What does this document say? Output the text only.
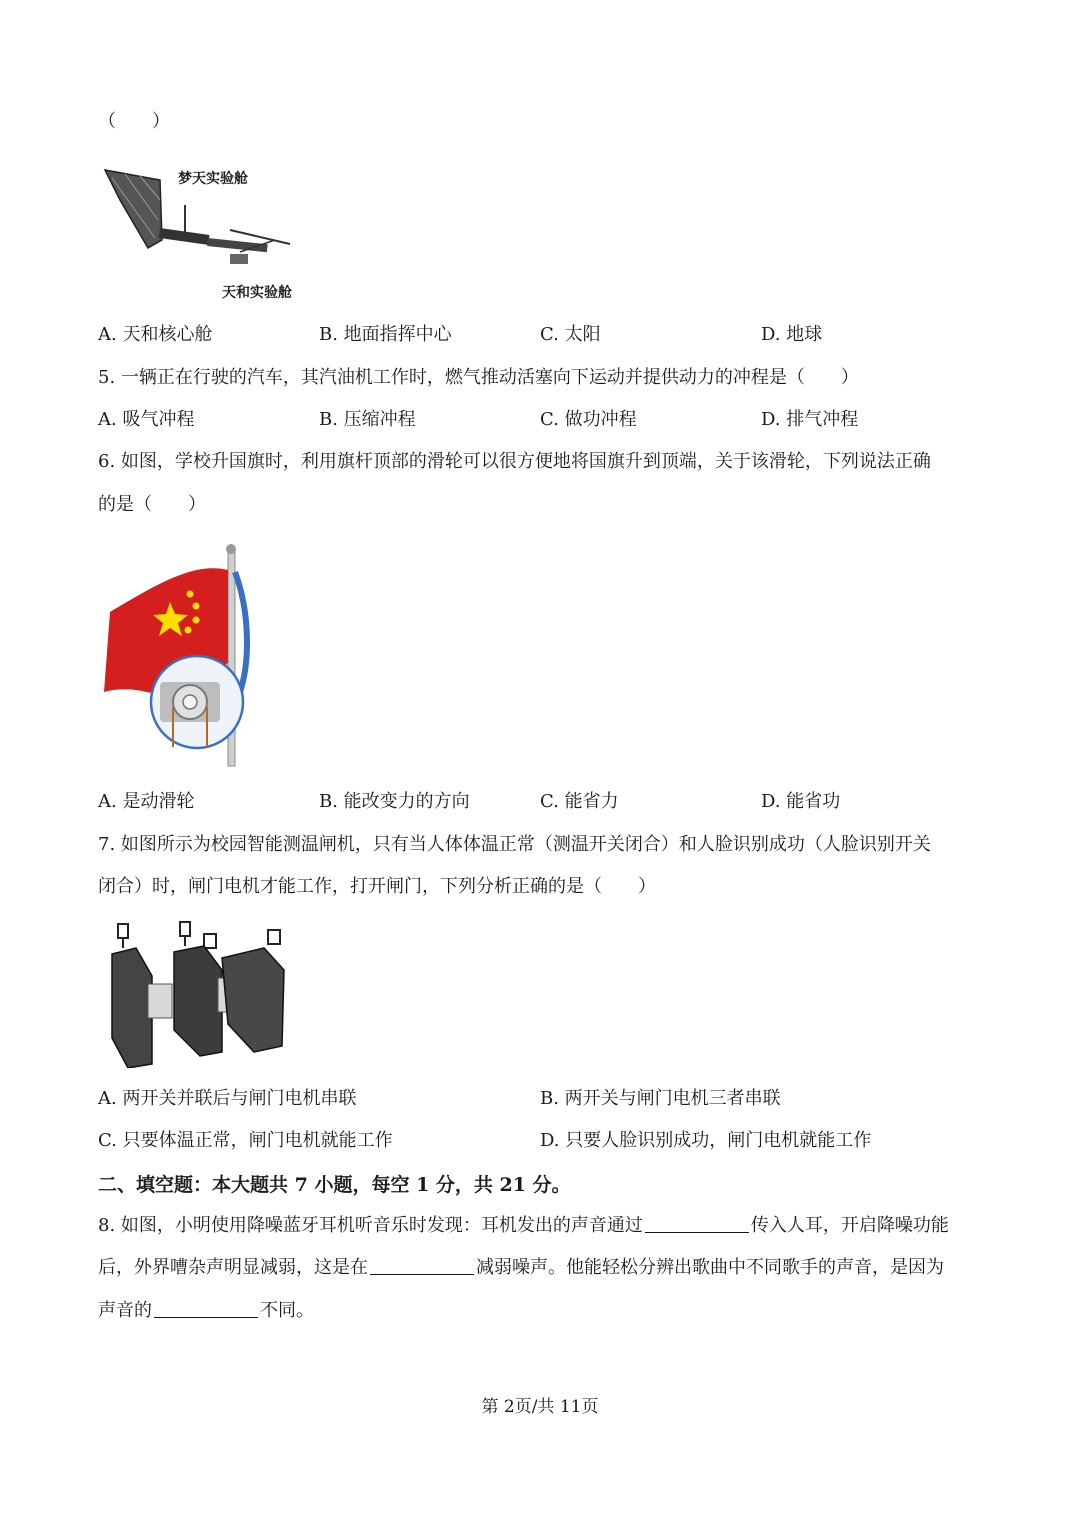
（　　）
梦天实验舱
天和实验舱
A. 天和核心舱	B. 地面指挥中心	C. 太阳	D. 地球
5. 一辆正在行驶的汽车，其汽油机工作时，燃气推动活塞向下运动并提供动力的冲程是（　　）
A. 吸气冲程	B. 压缩冲程	C. 做功冲程	D. 排气冲程
6. 如图，学校升国旗时，利用旗杆顶部的滑轮可以很方便地将国旗升到顶端，关于该滑轮，下列说法正确
的是（　　）
A. 是动滑轮	B. 能改变力的方向	C. 能省力	D. 能省功
7. 如图所示为校园智能测温闸机，只有当人体体温正常（测温开关闭合）和人脸识别成功（人脸识别开关
闭合）时，闸门电机才能工作，打开闸门，下列分析正确的是（　　）
A. 两开关并联后与闸门电机串联	B. 两开关与闸门电机三者串联
C. 只要体温正常，闸门电机就能工作	D. 只要人脸识别成功，闸门电机就能工作
二、填空题：本大题共 7 小题，每空 1 分，共 21 分。
8. 如图，小明使用降噪蓝牙耳机听音乐时发现：耳机发出的声音通过	传入人耳，开启降噪功能
后，外界嘈杂声明显减弱，这是在	减弱噪声。他能轻松分辨出歌曲中不同歌手的声音，是因为
声音的	不同。
第 2页/共 11页
